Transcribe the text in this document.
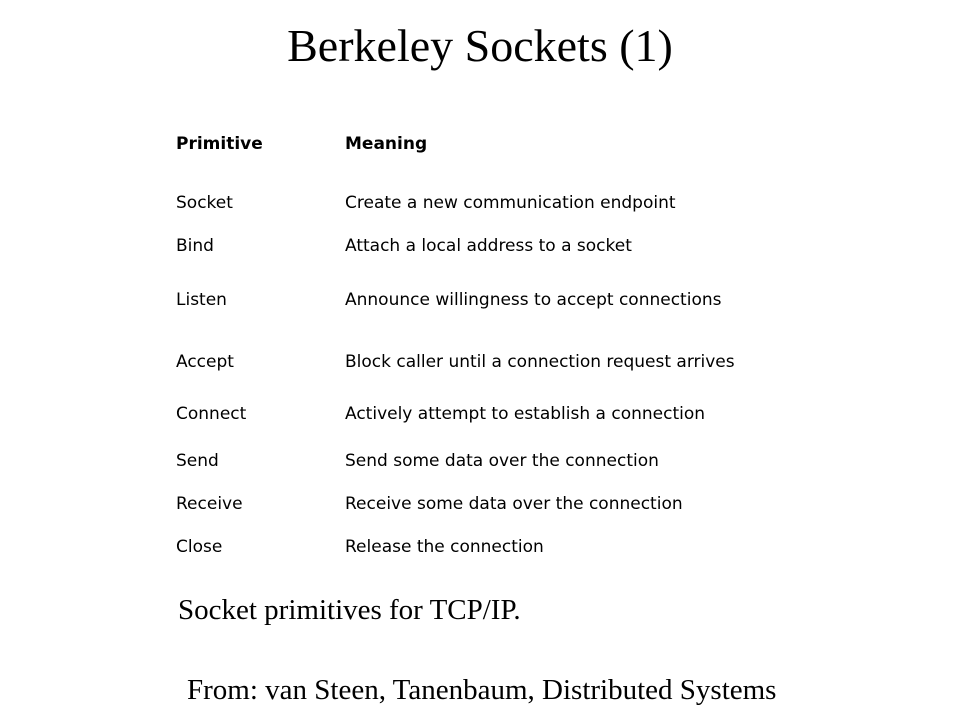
Berkeley Sockets (1)
Primitive	Meaning
Socket	Create a new communication endpoint
Bind	Attach a local address to a socket
Listen	Announce willingness to accept connections
Accept	Block caller until a connection request arrives
Connect	Actively attempt to establish a connection
Send	Send some data over the connection
Receive	Receive some data over the connection
Close	Release the connection
Socket primitives for TCP/IP.
From: van Steen, Tanenbaum, Distributed Systems
